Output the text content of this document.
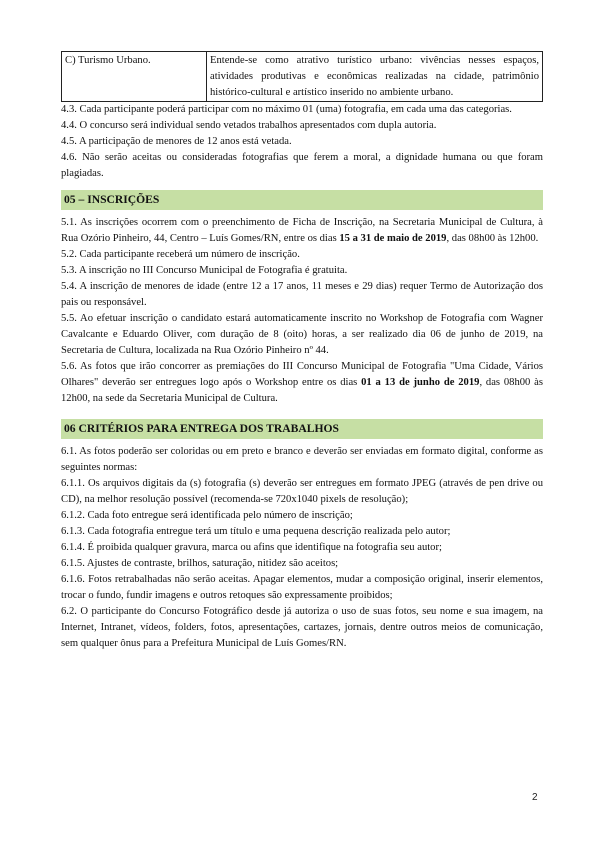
C) Turismo Urbano.	Entende-se como atrativo turístico urbano: vivências nesses espaços, atividades produtivas e econômicas realizadas na cidade, patrimônio histórico-cultural e artístico inserido no ambiente urbano.

4.3. Cada participante poderá participar com no máximo 01 (uma) fotografia, em cada uma das categorias.

4.4. O concurso será individual sendo vetados trabalhos apresentados com dupla autoria.

4.5. A participação de menores de 12 anos está vetada.

4.6. Não serão aceitas ou consideradas fotografias que ferem a moral, a dignidade humana ou que foram plagiadas.

05 – INSCRIÇÕES

5.1. As inscrições ocorrem com o preenchimento de Ficha de Inscrição, na Secretaria Municipal de Cultura, à Rua Ozório Pinheiro, 44, Centro – Luís Gomes/RN, entre os dias 15 a 31 de maio de 2019, das 08h00 às 12h00.

5.2. Cada participante receberá um número de inscrição.

5.3. A inscrição no III Concurso Municipal de Fotografia é gratuita.

5.4. A inscrição de menores de idade (entre 12 a 17 anos, 11 meses e 29 dias) requer Termo de Autorização dos pais ou responsável.

5.5. Ao efetuar inscrição o candidato estará automaticamente inscrito no Workshop de Fotografia com Wagner Cavalcante e Eduardo Oliver, com duração de 8 (oito) horas, a ser realizado dia 06 de junho de 2019, na Secretaria de Cultura, localizada na Rua Ozório Pinheiro nº 44.

5.6. As fotos que irão concorrer as premiações do III Concurso Municipal de Fotografia "Uma Cidade, Vários Olhares" deverão ser entregues logo após o Workshop entre os dias 01 a 13 de junho de 2019, das 08h00 às 12h00, na sede da Secretaria Municipal de Cultura.

06 CRITÉRIOS PARA ENTREGA DOS TRABALHOS

6.1. As fotos poderão ser coloridas ou em preto e branco e deverão ser enviadas em formato digital, conforme as seguintes normas:

6.1.1. Os arquivos digitais da (s) fotografia (s) deverão ser entregues em formato JPEG (através de pen drive ou CD), na melhor resolução possível (recomenda-se 720x1040 pixels de resolução);

6.1.2. Cada foto entregue será identificada pelo número de inscrição;

6.1.3. Cada fotografia entregue terá um título e uma pequena descrição realizada pelo autor;

6.1.4. É proibida qualquer gravura, marca ou afins que identifique na fotografia seu autor;

6.1.5. Ajustes de contraste, brilhos, saturação, nitidez são aceitos;

6.1.6. Fotos retrabalhadas não serão aceitas. Apagar elementos, mudar a composição original, inserir elementos, trocar o fundo, fundir imagens e outros retoques são expressamente proibidos;

6.2. O participante do Concurso Fotográfico desde já autoriza o uso de suas fotos, seu nome e sua imagem, na Internet, Intranet, vídeos, folders, fotos, apresentações, cartazes, jornais, dentre outros meios de comunicação, sem qualquer ônus para a Prefeitura Municipal de Luís Gomes/RN.

2
